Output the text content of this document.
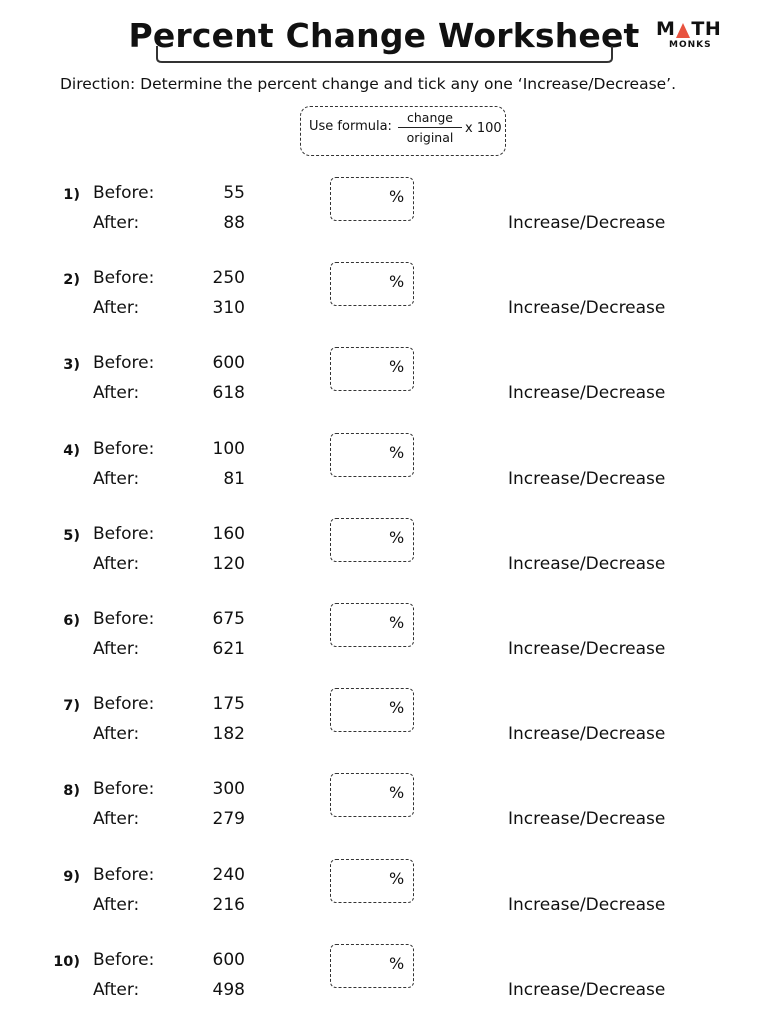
Percent Change Worksheet M TH
MONKS
Direction: Determine the percent change and tick any one ‘Increase/Decrease’.
Use formula:
change
original
x 100
1) Before:	55
After:	88
%
Increase/Decrease
2) Before:	250
After:	310
%
Increase/Decrease
3) Before:	600
After:	618
%
Increase/Decrease
4) Before:	100
After:	81
%
Increase/Decrease
5) Before:	160
After:	120
%
Increase/Decrease
6) Before:	675
After:	621
%
Increase/Decrease
7) Before:	175
After:	182
%
Increase/Decrease
8) Before:	300
After:	279
%
Increase/Decrease
9) Before:	240
After:	216
%
Increase/Decrease
10) Before:	600
After:	498
%
Increase/Decrease
